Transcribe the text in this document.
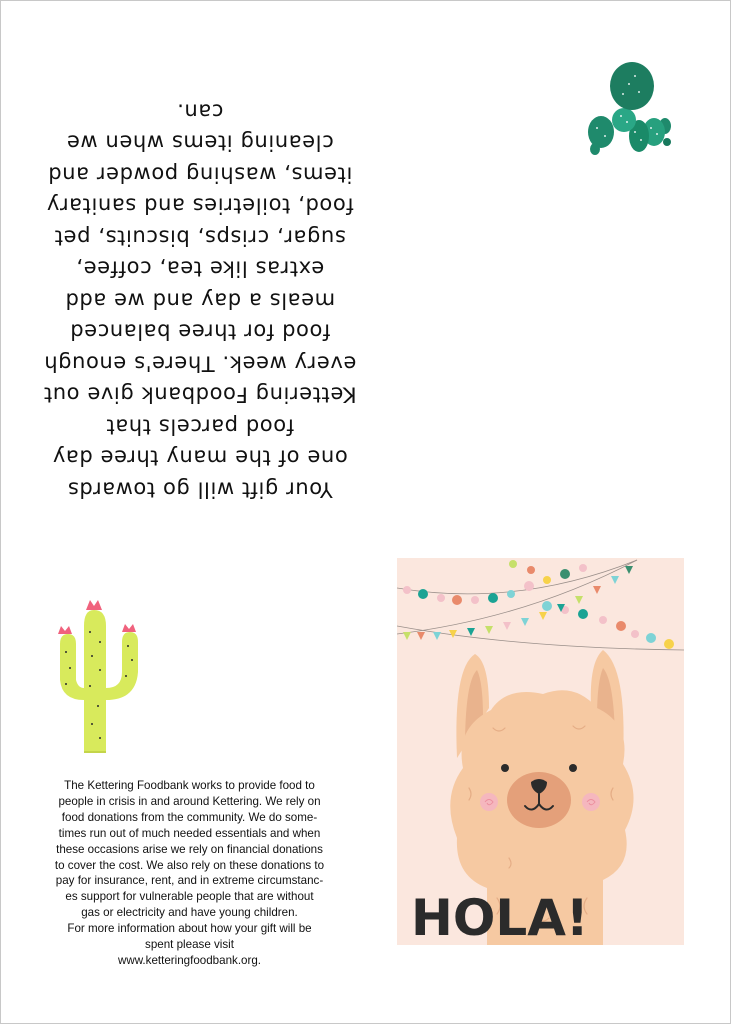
Your gift will go towards
one of the many three day
food parcels that
Kettering Foodbank give out
every week. There's enough
food for three balanced
meals a day and we add
extras like tea, coffee,
sugar, crisps, biscuits, pet
food, toiletries and sanitary
items, washing powder and
cleaning items when we
can.
The Kettering Foodbank works to provide food to
people in crisis in and around Kettering. We rely on
food donations from the community. We do some-
times run out of much needed essentials and when
these occasions arise we rely on financial donations
to cover the cost. We also rely on these donations to
pay for insurance, rent, and in extreme circumstanc-
es support for vulnerable people that are without
gas or electricity and have young children.
For more information about how your gift will be
spent please visit
www.ketteringfoodbank.org.
HOLA!
